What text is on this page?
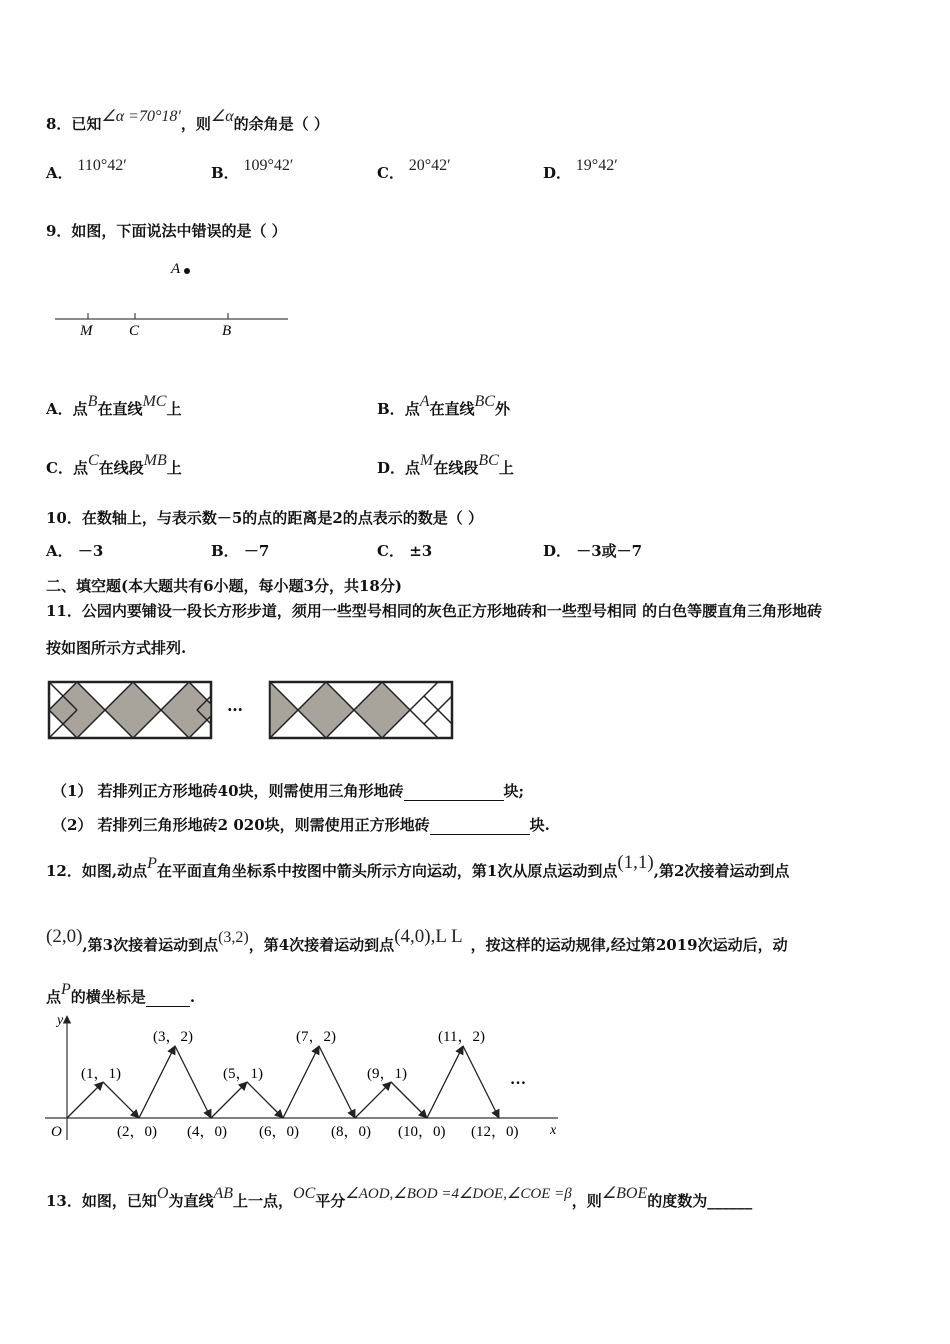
8．已知∠α =70°18′，则∠α的余角是（ ）
A． 110°42′	B． 109°42′	C． 20°42′	D． 19°42′
9．如图，下面说法中错误的是（ ）
A
M C	B
A．点B在直线MC上	B．点A在直线BC外
C．点C在线段MB上	D．点M在线段BC上
10．在数轴上，与表示数－5的点的距离是2的点表示的数是（ ）
A． －3	B． －7	C． ±3	D． －3或－7
二、填空题(本大题共有6小题，每小题3分，共18分)
11．公园内要铺设一段长方形步道，须用一些型号相同的灰色正方形地砖和一些型号相同 的白色等腰直角三角形地砖
按如图所示方式排列.
…
（1） 若排列正方形地砖40块，则需使用三角形地砖	块;
（2） 若排列三角形地砖2 020块，则需使用正方形地砖	块.
12．如图,动点P在平面直角坐标系中按图中箭头所示方向运动，第1次从原点运动到点(1,1),第2次接着运动到点
(2,0),第3次接着运动到点(3,2)，第4次接着运动到点(4,0),L L ，按这样的运动规律,经过第2019次运动后，动
点P的横坐标是	.
y
x
O
(1，1)	(5，1)	(9，1)
(3，2)	(7，2)	(11，2)
(2，0) (4，0) (6，0) (8，0) (10，0) (12，0)
…
13．如图，已知O为直线AB上一点，OC平分∠AOD,∠BOD =4∠DOE,∠COE =β，则∠BOE的度数为______
